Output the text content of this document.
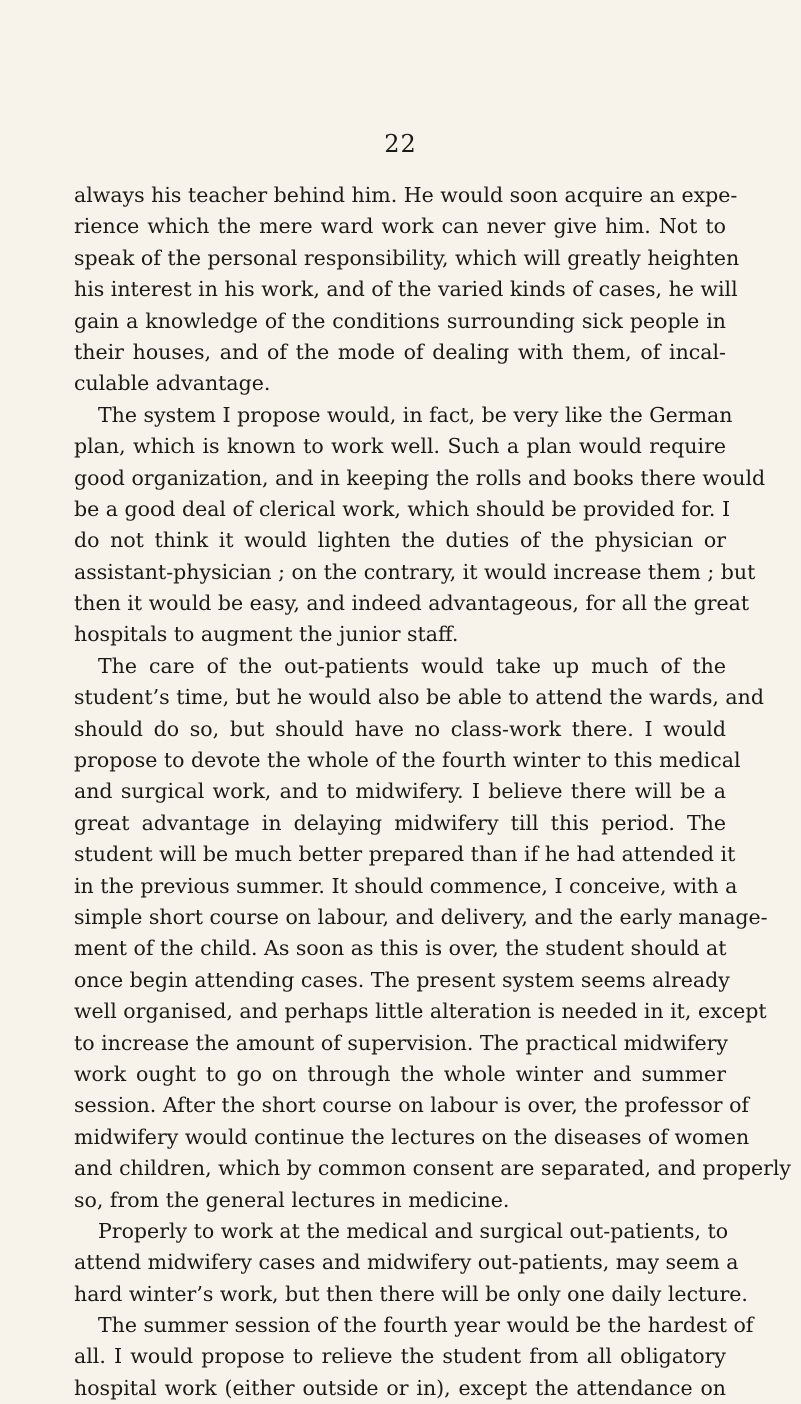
22
always his teacher behind him. He would soon acquire an expe-
rience which the mere ward work can never give him. Not to
speak of the personal responsibility, which will greatly heighten
his interest in his work, and of the varied kinds of cases, he will
gain a knowledge of the conditions surrounding sick people in
their houses, and of the mode of dealing with them, of incal-
culable advantage.
The system I propose would, in fact, be very like the German
plan, which is known to work well. Such a plan would require
good organization, and in keeping the rolls and books there would
be a good deal of clerical work, which should be provided for. I
do not think it would lighten the duties of the physician or
assistant-physician ; on the contrary, it would increase them ; but
then it would be easy, and indeed advantageous, for all the great
hospitals to augment the junior staff.
The care of the out-patients would take up much of the
student’s time, but he would also be able to attend the wards, and
should do so, but should have no class-work there. I would
propose to devote the whole of the fourth winter to this medical
and surgical work, and to midwifery. I believe there will be a
great advantage in delaying midwifery till this period. The
student will be much better prepared than if he had attended it
in the previous summer. It should commence, I conceive, with a
simple short course on labour, and delivery, and the early manage-
ment of the child. As soon as this is over, the student should at
once begin attending cases. The present system seems already
well organised, and perhaps little alteration is needed in it, except
to increase the amount of supervision. The practical midwifery
work ought to go on through the whole winter and summer
session. After the short course on labour is over, the professor of
midwifery would continue the lectures on the diseases of women
and children, which by common consent are separated, and properly
so, from the general lectures in medicine.
Properly to work at the medical and surgical out-patients, to
attend midwifery cases and midwifery out-patients, may seem a
hard winter’s work, but then there will be only one daily lecture.
The summer session of the fourth year would be the hardest of
all. I would propose to relieve the student from all obligatory
hospital work (either outside or in), except the attendance on
